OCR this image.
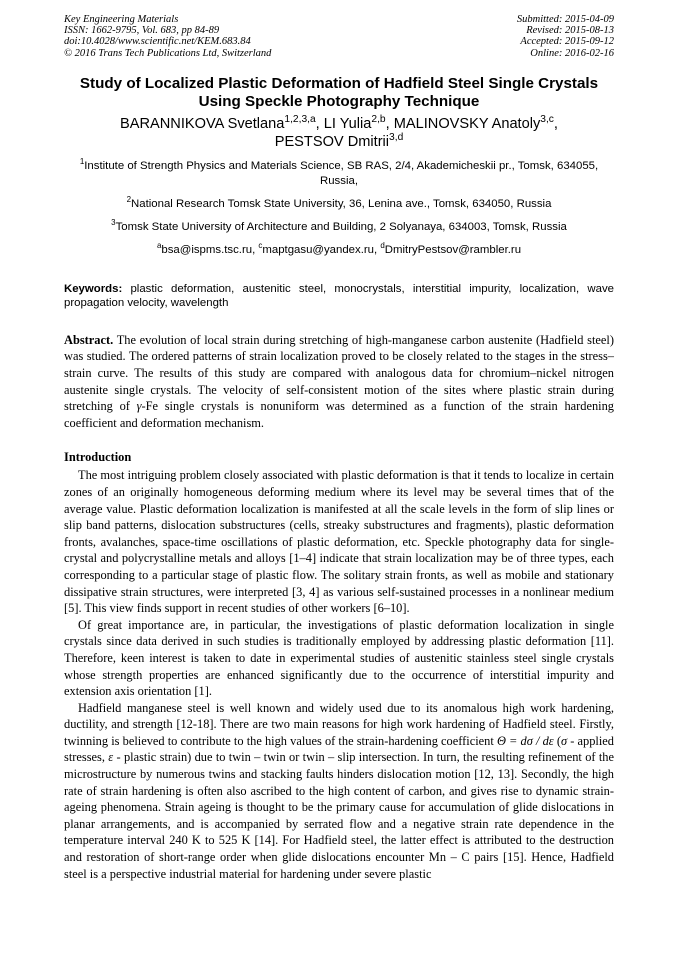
Key Engineering Materials
ISSN: 1662-9795, Vol. 683, pp 84-89
doi:10.4028/www.scientific.net/KEM.683.84
© 2016 Trans Tech Publications Ltd, Switzerland
Submitted: 2015-04-09
Revised: 2015-08-13
Accepted: 2015-09-12
Online: 2016-02-16
Study of Localized Plastic Deformation of Hadfield Steel Single Crystals
Using Speckle Photography Technique
BARANNIKOVA Svetlana$^{1,2,3,a}$, LI Yulia$^{2,b}$, MALINOVSKY Anatoly$^{3,c}$,
PESTSOV Dmitrii$^{3,d}$

$^1$Institute of Strength Physics and Materials Science, SB RAS, 2/4, Akademicheskii pr., Tomsk, 634055, Russia,

$^2$National Research Tomsk State University, 36, Lenina ave., Tomsk, 634050, Russia

$^3$Tomsk State University of Architecture and Building, 2 Solyanaya, 634003, Tomsk, Russia

$^a$bsa@ispms.tsc.ru, $^c$maptgasu@yandex.ru, $^d$DmitryPestsov@rambler.ru

Keywords: plastic deformation, austenitic steel, monocrystals, interstitial impurity, localization, wave propagation velocity, wavelength
Abstract. The evolution of local strain during stretching of high-manganese carbon austenite (Hadfield steel) was studied. The ordered patterns of strain localization proved to be closely related to the stages in the stress–strain curve. The results of this study are compared with analogous data for chromium–nickel nitrogen austenite single crystals. The velocity of self-consistent motion of the sites where plastic strain during stretching of γ-Fe single crystals is nonuniform was determined as a function of the strain hardening coefficient and deformation mechanism.
Introduction

The most intriguing problem closely associated with plastic deformation is that it tends to localize in certain zones of an originally homogeneous deforming medium where its level may be several times that of the average value. Plastic deformation localization is manifested at all the scale levels in the form of slip lines or slip band patterns, dislocation substructures (cells, streaky substructures and fragments), plastic deformation fronts, avalanches, space-time oscillations of plastic deformation, etc. Speckle photography data for single-crystal and polycrystalline metals and alloys [1–4] indicate that strain localization may be of three types, each corresponding to a particular stage of plastic flow. The solitary strain fronts, as well as mobile and stationary dissipative strain structures, were interpreted [3, 4] as various self-sustained processes in a nonlinear medium [5]. This view finds support in recent studies of other workers [6–10].

Of great importance are, in particular, the investigations of plastic deformation localization in single crystals since data derived in such studies is traditionally employed by addressing plastic deformation [11]. Therefore, keen interest is taken to date in experimental studies of austenitic stainless steel single crystals whose strength properties are enhanced significantly due to the occurrence of interstitial impurity and extension axis orientation [1].

Hadfield manganese steel is well known and widely used due to its anomalous high work hardening, ductility, and strength [12-18]. There are two main reasons for high work hardening of Hadfield steel. Firstly, twinning is believed to contribute to the high values of the strain-hardening coefficient Θ = dσ / dε (σ - applied stresses, ε - plastic strain) due to twin – twin or twin – slip intersection. In turn, the resulting refinement of the microstructure by numerous twins and stacking faults hinders dislocation motion [12, 13]. Secondly, the high rate of strain hardening is often also ascribed to the high content of carbon, and gives rise to dynamic strain-ageing phenomena. Strain ageing is thought to be the primary cause for accumulation of glide dislocations in planar arrangements, and is accompanied by serrated flow and a negative strain rate dependence in the temperature interval 240 K to 525 K [14]. For Hadfield steel, the latter effect is attributed to the destruction and restoration of short-range order when glide dislocations encounter Mn – C pairs [15]. Hence, Hadfield steel is a perspective industrial material for hardening under severe plastic
